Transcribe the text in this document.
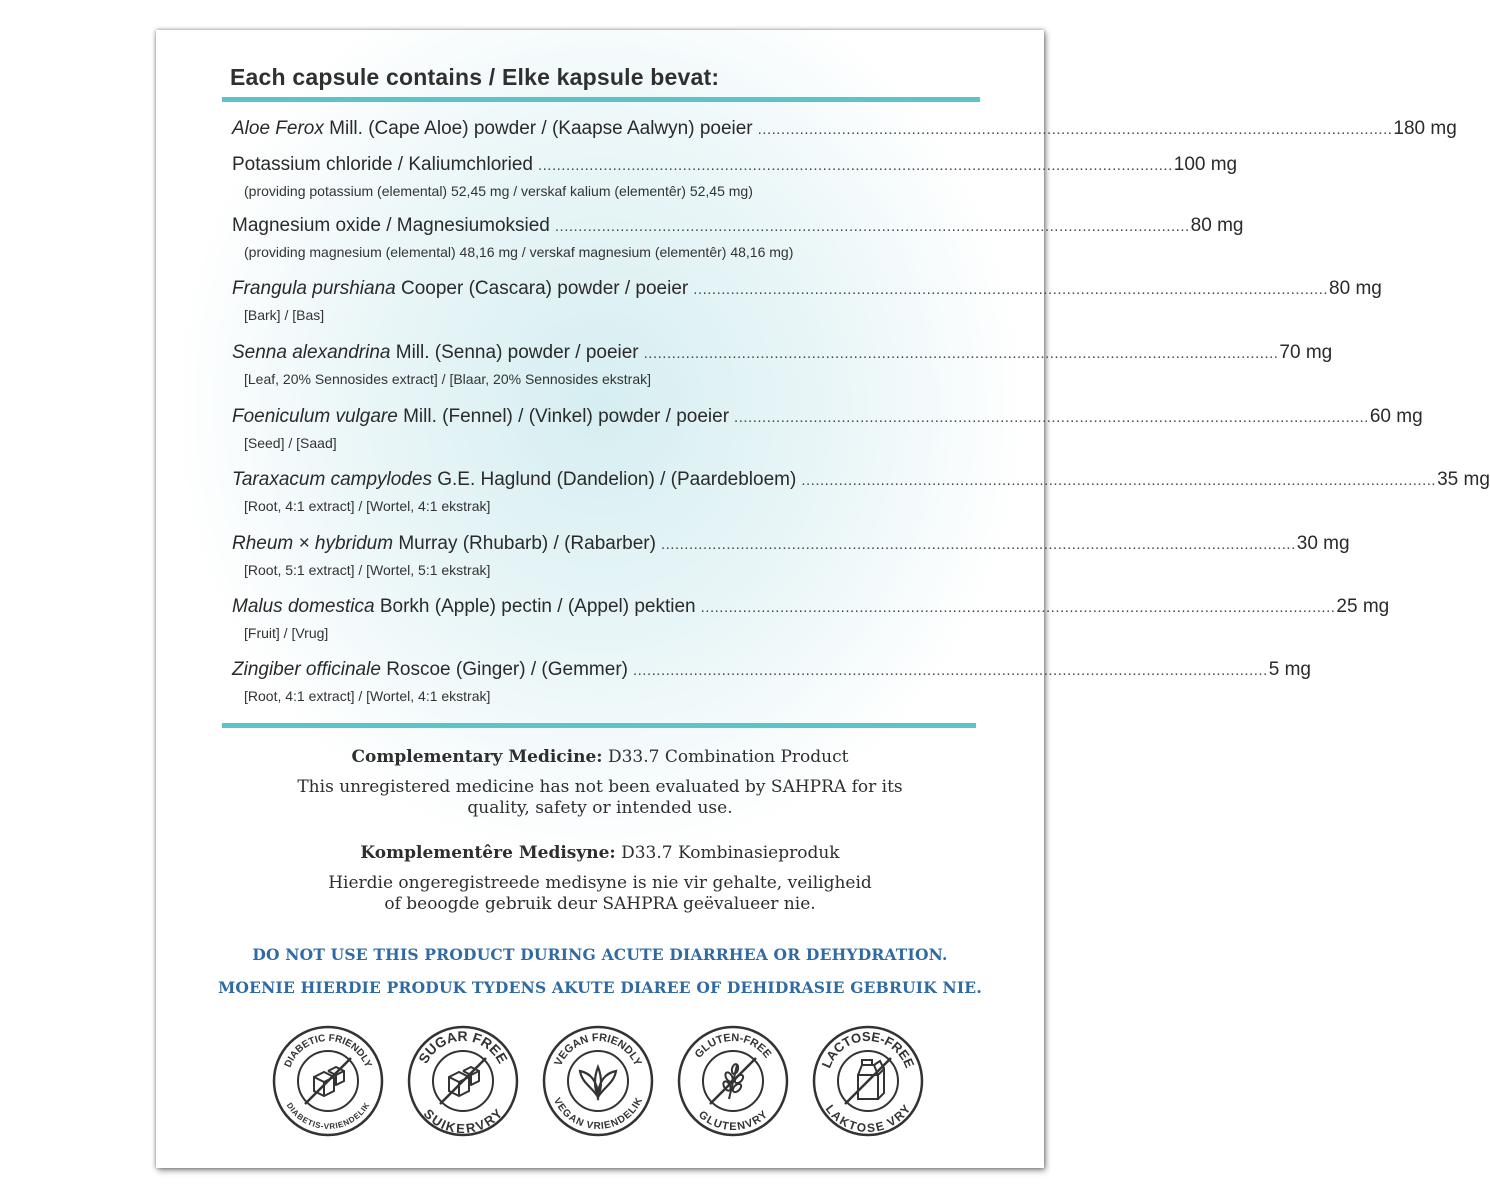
Each capsule contains / Elke kapsule bevat:
Aloe Ferox Mill. (Cape Aloe) powder / (Kaapse Aalwyn) poeier ........................................................................................................................................ 180 mg
Potassium chloride / Kaliumchloried ........................................................................................................................................ 100 mg
(providing potassium (elemental) 52,45 mg / verskaf kalium (elementêr) 52,45 mg)
Magnesium oxide / Magnesiumoksied ........................................................................................................................................ 80 mg
(providing magnesium (elemental) 48,16 mg / verskaf magnesium (elementêr) 48,16 mg)
Frangula purshiana Cooper (Cascara) powder / poeier ........................................................................................................................................ 80 mg
[Bark] / [Bas]
Senna alexandrina Mill. (Senna) powder / poeier ........................................................................................................................................ 70 mg
[Leaf, 20% Sennosides extract] / [Blaar, 20% Sennosides ekstrak]
Foeniculum vulgare Mill. (Fennel) / (Vinkel) powder / poeier ........................................................................................................................................ 60 mg
[Seed] / [Saad]
Taraxacum campylodes G.E. Haglund (Dandelion) / (Paardebloem) ........................................................................................................................................ 35 mg
[Root, 4:1 extract] / [Wortel, 4:1 ekstrak]
Rheum × hybridum Murray (Rhubarb) / (Rabarber) ........................................................................................................................................ 30 mg
[Root, 5:1 extract] / [Wortel, 5:1 ekstrak]
Malus domestica Borkh (Apple) pectin / (Appel) pektien ........................................................................................................................................ 25 mg
[Fruit] / [Vrug]
Zingiber officinale Roscoe (Ginger) / (Gemmer) ........................................................................................................................................ 5 mg
[Root, 4:1 extract] / [Wortel, 4:1 ekstrak]
Complementary Medicine: D33.7 Combination Product
This unregistered medicine has not been evaluated by SAHPRA for its
quality, safety or intended use.
Komplementêre Medisyne: D33.7 Kombinasieproduk
Hierdie ongeregistreede medisyne is nie vir gehalte, veiligheid
of beoogde gebruik deur SAHPRA geëvalueer nie.
DO NOT USE THIS PRODUCT DURING ACUTE DIARRHEA OR DEHYDRATION.
MOENIE HIERDIE PRODUK TYDENS AKUTE DIAREE OF DEHIDRASIE GEBRUIK NIE.
DIABETIC FRIENDLY
DIABETIS-VRIENDELIK
SUGAR FREE
SUIKERVRY
VEGAN FRIENDLY
VEGAN VRIENDELIK
GLUTEN-FREE
GLUTENVRY
LACTOSE-FREE
LAKTOSE VRY
